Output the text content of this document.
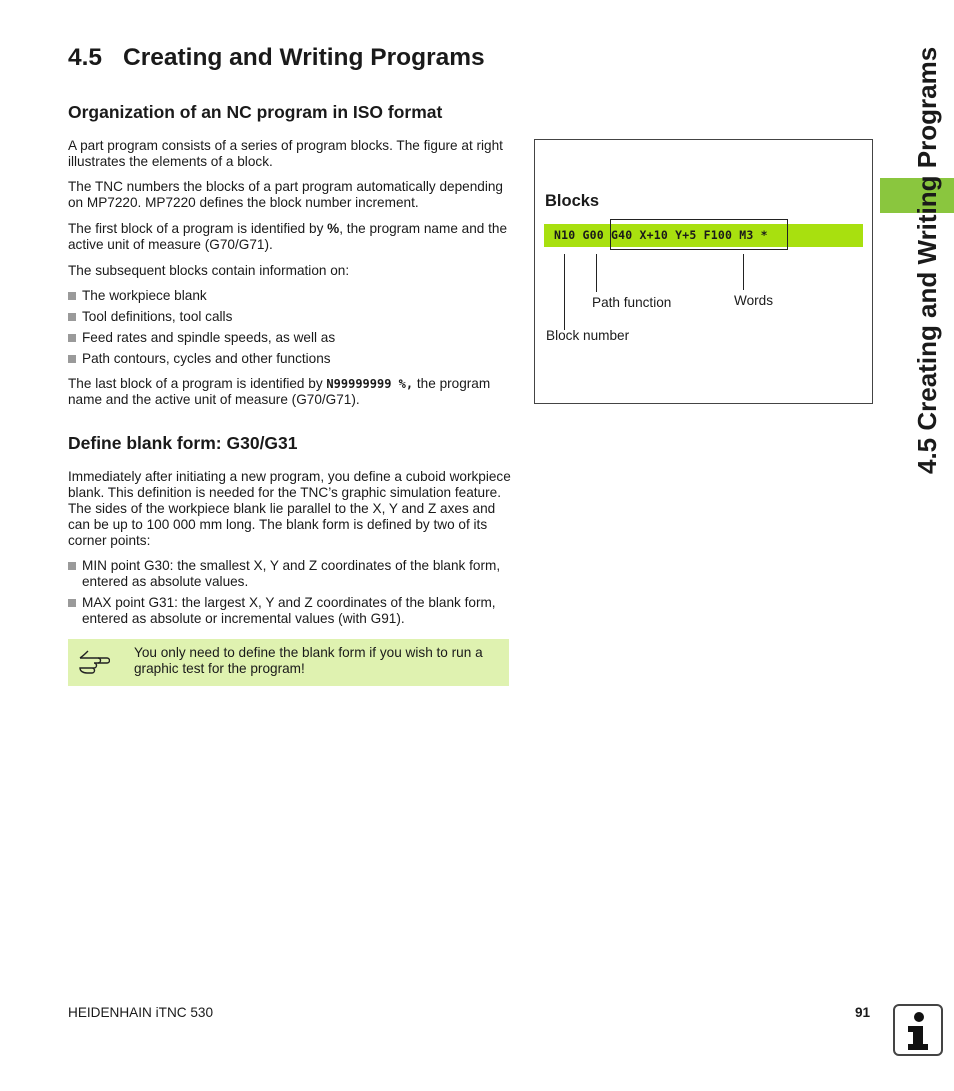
4.5 Creating and Writing Programs
Organization of an NC program in ISO format

A part program consists of a series of program blocks. The figure at right illustrates the elements of a block.

The TNC numbers the blocks of a part program automatically depending on MP7220. MP7220 defines the block number increment.

The first block of a program is identified by %, the program name and the active unit of measure (G70/G71).

The subsequent blocks contain information on:

The workpiece blank
Tool definitions, tool calls
Feed rates and spindle speeds, as well as
Path contours, cycles and other functions

The last block of a program is identified by N99999999 %, the program name and the active unit of measure (G70/G71).

Define blank form: G30/G31

Immediately after initiating a new program, you define a cuboid workpiece blank. This definition is needed for the TNC’s graphic simulation feature. The sides of the workpiece blank lie parallel to the X, Y and Z axes and can be up to 100 000 mm long. The blank form is defined by two of its corner points:

MIN point G30: the smallest X, Y and Z coordinates of the blank form, entered as absolute values.
MAX point G31: the largest X, Y and Z coordinates of the blank form, entered as absolute or incremental values (with G91).
You only need to define the blank form if you wish to run a graphic test for the program!
Blocks
N10 G00 G40 X+10 Y+5 F100 M3 *
Path function	Words
Block number	4.5 Creating and Writing Programs
HEIDENHAIN iTNC 530	91
